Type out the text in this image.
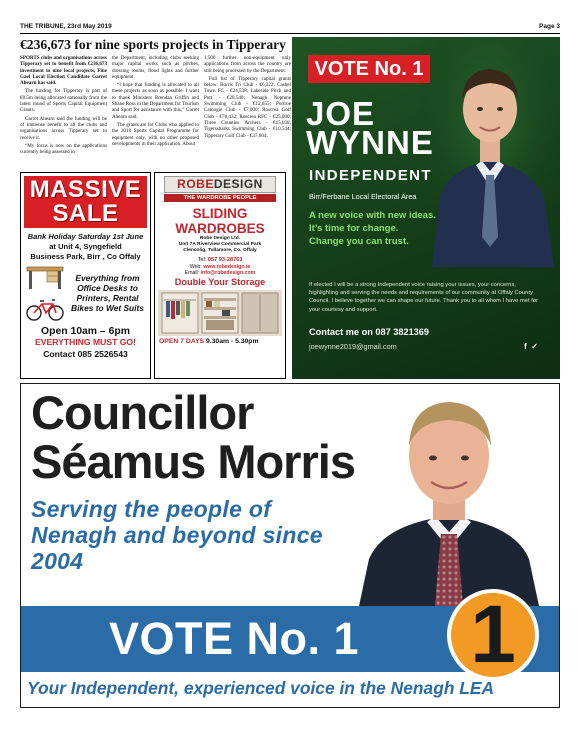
THE TRIBUNE, 23rd May 2019	Page 3
€236,673 for nine sports projects in Tipperary

SPORTS clubs and organisations across Tipperary set to benefit from €236,673 investment in nine local projects, Fine Gael Local Election Candidate Garret Ahearn has said.

The funding for Tipperary is part of €8.5m being allocated nationally from the latest round of Sports Capital Equipment Grants.

Garret Ahearn said the funding will be of immense benefit to all the clubs and organisations across Tipperary set to receive it.

“My focus is now on the applications currently being assessed in

the Department, including clubs seeking major capital works such as pitches, dressing rooms, flood lights and further equipment.

“I hope that funding is allocated to all these projects as soon as possible. I want to thank Ministers Brendan Griffin and Shane Ross in the Department for Tourism and Sport for assistance with this,” Garret Ahearn said.

The grants are for Clubs who applied to the 2018 Sports Capital Programme for equipment only, with no other proposed developments in their application. About

1,500 further non-equipment only applications from across the country are still being processed by the Department.

Full list of Tipperary capital grants below: Borris Tri Club - €6,322; Cashel Town FC - €24,538; Lakeside Pitch and Putt - €28,540; Nenagh Neptune Swimming Club - €12,655; Portroe Camogie Club - €7,000; Roscrea Golf Club - €70,432; Roscrea RFC - €25,000; Three Counties Archers - €15,038; Tigerssharks Swimming Club - €10,544; Tipperary Golf Club - €37,804.

MASSIVE
SALE
Bank Holiday Saturday 1st June
at Unit 4, Syngefield
Business Park, Birr , Co Offaly
Everything from Office Desks to Printers, Rental Bikes to Wet Suits
Open 10am – 6pm
EVERYTHING MUST GO!
Contact 085 2526543
ROBEDESIGN
THE WARDROBE PEOPLE
SLIDING
WARDROBES
Robe Design Ltd.
Unit 7A Riverview Commercial Park
Clencolig, Tullamore, Co. Offaly
Tel: 057 93-28763
Web: www.robedesign.ie
Email: info@robedesign.com
Double Your Storage
OPEN 7 DAYS 9.30am - 5.30pm
VOTE No. 1
JOE
WYNNE
INDEPENDENT
Birr/Ferbane Local Electoral Area
A new voice with new ideas.
It’s time for change.
Change you can trust.
If elected I will be a strong Independent voice raising your issues, your concerns, highlighting and serving the needs and requirements of our community at Offaly County Council. I believe together we can shape our future. Thank you to all whom I have met for your courtesy and support.
Contact me on 087 3821369
joewynne2019@gmail.com	f ✓
Councillor
Séamus Morris
Serving the people of Nenagh and beyond since 2004
VOTE No. 1 1
Your Independent, experienced voice in the Nenagh LEA
